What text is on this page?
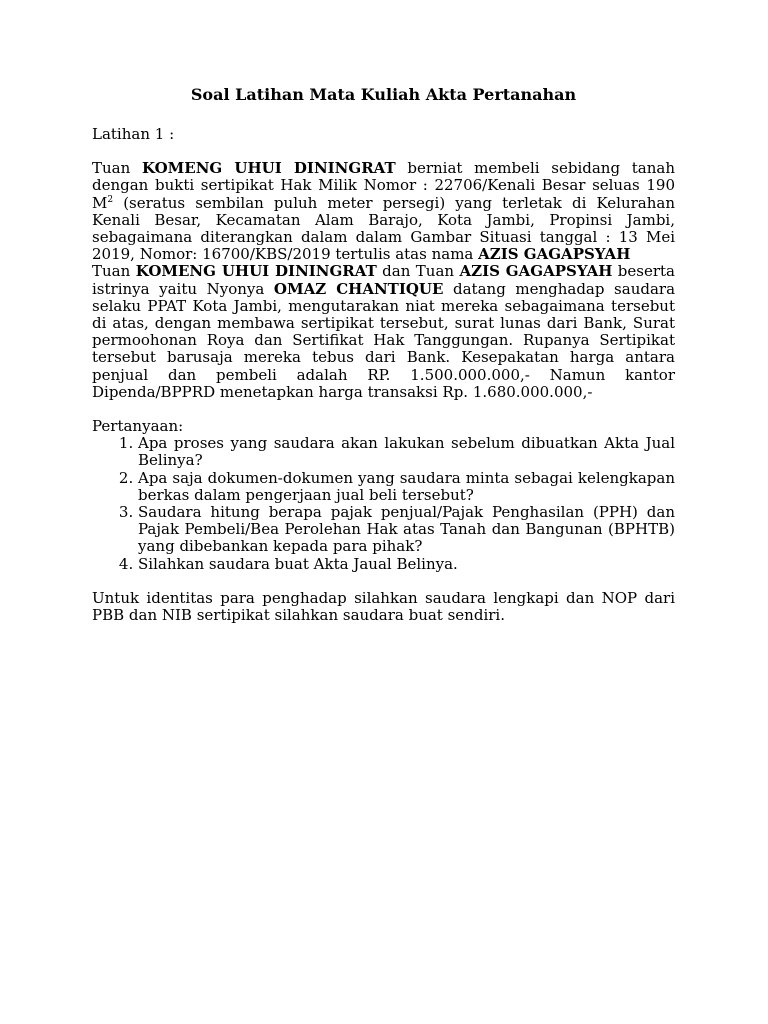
Soal Latihan Mata Kuliah Akta Pertanahan
Latihan 1 :

Tuan KOMENG UHUI DININGRAT berniat membeli sebidang tanah dengan bukti sertipikat Hak Milik Nomor : 22706/Kenali Besar seluas 190 $M^2$ (seratus sembilan puluh meter persegi) yang terletak di Kelurahan Kenali Besar, Kecamatan Alam Barajo, Kota Jambi, Propinsi Jambi, sebagaimana diterangkan dalam dalam Gambar Situasi tanggal : 13 Mei 2019, Nomor: 16700/KBS/2019 tertulis atas nama AZIS GAGAPSYAH

Tuan KOMENG UHUI DININGRAT dan Tuan AZIS GAGAPSYAH beserta istrinya yaitu Nyonya OMAZ CHANTIQUE datang menghadap saudara selaku PPAT Kota Jambi, mengutarakan niat mereka sebagaimana tersebut di atas, dengan membawa sertipikat tersebut, surat lunas dari Bank, Surat permoohonan Roya dan Sertifikat Hak Tanggungan. Rupanya Sertipikat tersebut barusaja mereka tebus dari Bank. Kesepakatan harga antara penjual dan pembeli adalah RP. 1.500.000.000,- Namun kantor Dipenda/BPPRD menetapkan harga transaksi Rp. 1.680.000.000,-

Pertanyaan:
1. Apa proses yang saudara akan lakukan sebelum dibuatkan Akta Jual Belinya?
2. Apa saja dokumen-dokumen yang saudara minta sebagai kelengkapan berkas dalam pengerjaan jual beli tersebut?
3. Saudara hitung berapa pajak penjual/Pajak Penghasilan (PPH) dan Pajak Pembeli/Bea Perolehan Hak atas Tanah dan Bangunan (BPHTB) yang dibebankan kepada para pihak?
4. Silahkan saudara buat Akta Jaual Belinya.

Untuk identitas para penghadap silahkan saudara lengkapi dan NOP dari PBB dan NIB sertipikat silahkan saudara buat sendiri.
